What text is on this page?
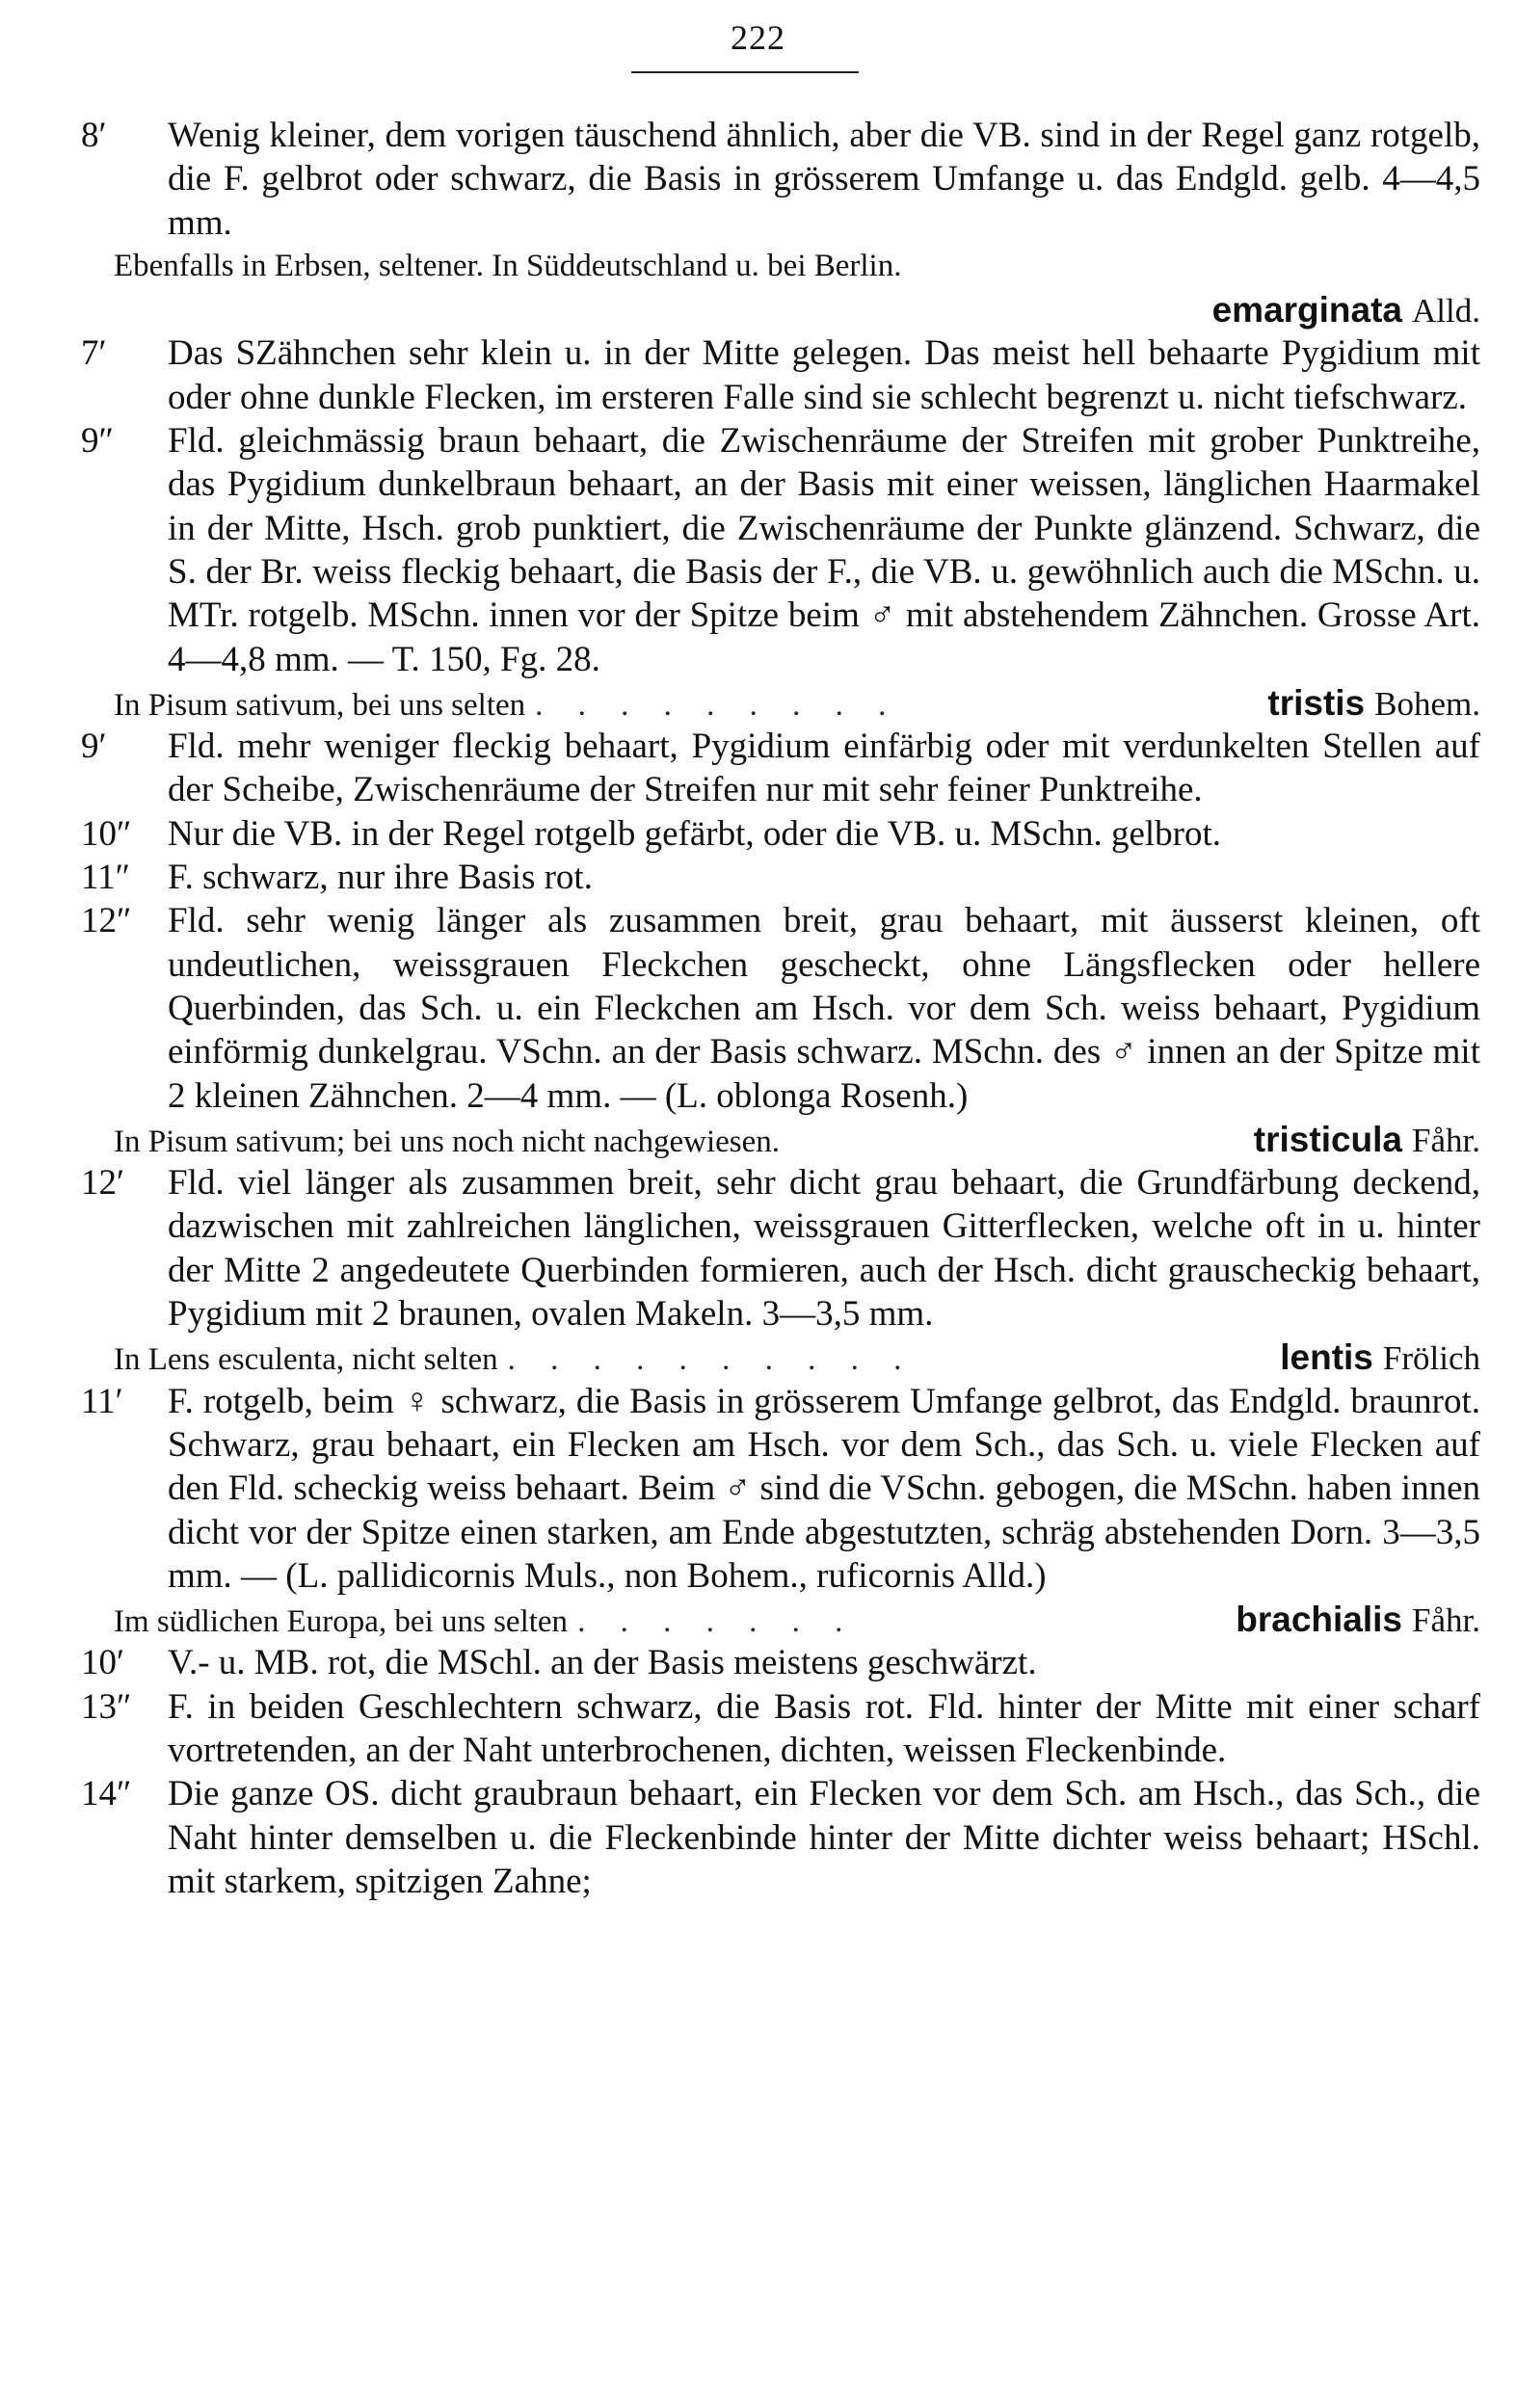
222
8′	Wenig kleiner, dem vorigen täuschend ähnlich, aber die VB. sind in der Regel ganz rotgelb, die F. gelbrot oder schwarz, die Basis in grösserem Umfange u. das Endgld. gelb. 4—4,5 mm.
Ebenfalls in Erbsen, seltener. In Süddeutschland u. bei Berlin.
emarginata Alld.
7′	Das SZähnchen sehr klein u. in der Mitte gelegen. Das meist hell behaarte Pygidium mit oder ohne dunkle Flecken, im ersteren Falle sind sie schlecht begrenzt u. nicht tiefschwarz.
9″	Fld. gleichmässig braun behaart, die Zwischenräume der Streifen mit grober Punktreihe, das Pygidium dunkelbraun behaart, an der Basis mit einer weissen, länglichen Haarmakel in der Mitte, Hsch. grob punktiert, die Zwischenräume der Punkte glänzend. Schwarz, die S. der Br. weiss fleckig behaart, die Basis der F., die VB. u. gewöhnlich auch die MSchn. u. MTr. rotgelb. MSchn. innen vor der Spitze beim ♂ mit abstehendem Zähnchen. Grosse Art. 4—4,8 mm. — T. 150, Fg. 28.
In Pisum sativum, bei uns selten . . . . . . . . .	tristis Bohem.
9′	Fld. mehr weniger fleckig behaart, Pygidium einfärbig oder mit verdunkelten Stellen auf der Scheibe, Zwischenräume der Streifen nur mit sehr feiner Punktreihe.
10″	Nur die VB. in der Regel rotgelb gefärbt, oder die VB. u. MSchn. gelbrot.
11″	F. schwarz, nur ihre Basis rot.
12″	Fld. sehr wenig länger als zusammen breit, grau behaart, mit äusserst kleinen, oft undeutlichen, weissgrauen Fleckchen gescheckt, ohne Längsflecken oder hellere Querbinden, das Sch. u. ein Fleckchen am Hsch. vor dem Sch. weiss behaart, Pygidium einförmig dunkelgrau. VSchn. an der Basis schwarz. MSchn. des ♂ innen an der Spitze mit 2 kleinen Zähnchen. 2—4 mm. — (L. oblonga Rosenh.)
In Pisum sativum; bei uns noch nicht nachgewiesen.	tristicula Fåhr.
12′	Fld. viel länger als zusammen breit, sehr dicht grau behaart, die Grundfärbung deckend, dazwischen mit zahlreichen länglichen, weissgrauen Gitterflecken, welche oft in u. hinter der Mitte 2 angedeutete Querbinden formieren, auch der Hsch. dicht grauscheckig behaart, Pygidium mit 2 braunen, ovalen Makeln. 3—3,5 mm.
In Lens esculenta, nicht selten . . . . . . . . . .	lentis Frölich
11′	F. rotgelb, beim ♀ schwarz, die Basis in grösserem Umfange gelbrot, das Endgld. braunrot. Schwarz, grau behaart, ein Flecken am Hsch. vor dem Sch., das Sch. u. viele Flecken auf den Fld. scheckig weiss behaart. Beim ♂ sind die VSchn. gebogen, die MSchn. haben innen dicht vor der Spitze einen starken, am Ende abgestutzten, schräg abstehenden Dorn. 3—3,5 mm. — (L. pallidicornis Muls., non Bohem., ruficornis Alld.)
Im südlichen Europa, bei uns selten . . . . . . .	brachialis Fåhr.
10′	V.- u. MB. rot, die MSchl. an der Basis meistens geschwärzt.
13″	F. in beiden Geschlechtern schwarz, die Basis rot. Fld. hinter der Mitte mit einer scharf vortretenden, an der Naht unterbrochenen, dichten, weissen Fleckenbinde.
14″	Die ganze OS. dicht graubraun behaart, ein Flecken vor dem Sch. am Hsch., das Sch., die Naht hinter demselben u. die Fleckenbinde hinter der Mitte dichter weiss behaart; HSchl. mit starkem, spitzigen Zahne;
